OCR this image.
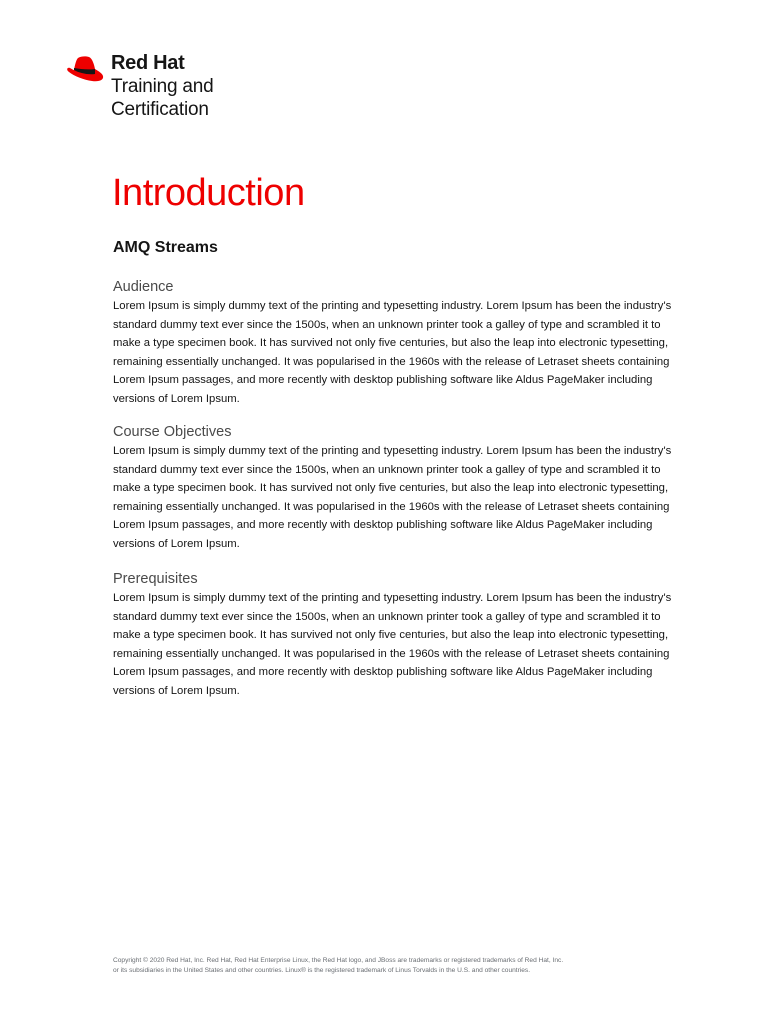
Red Hat
Training and
Certification
Introduction
AMQ Streams
Audience

Lorem Ipsum is simply dummy text of the printing and typesetting industry. Lorem Ipsum has been the industry's standard dummy text ever since the 1500s, when an unknown printer took a galley of type and scrambled it to make a type specimen book. It has survived not only five centuries, but also the leap into electronic typesetting, remaining essentially unchanged. It was popularised in the 1960s with the release of Letraset sheets containing Lorem Ipsum passages, and more recently with desktop publishing software like Aldus PageMaker including versions of Lorem Ipsum.

Course Objectives

Lorem Ipsum is simply dummy text of the printing and typesetting industry. Lorem Ipsum has been the industry's standard dummy text ever since the 1500s, when an unknown printer took a galley of type and scrambled it to make a type specimen book. It has survived not only five centuries, but also the leap into electronic typesetting, remaining essentially unchanged. It was popularised in the 1960s with the release of Letraset sheets containing Lorem Ipsum passages, and more recently with desktop publishing software like Aldus PageMaker including versions of Lorem Ipsum.

Prerequisites

Lorem Ipsum is simply dummy text of the printing and typesetting industry. Lorem Ipsum has been the industry's standard dummy text ever since the 1500s, when an unknown printer took a galley of type and scrambled it to make a type specimen book. It has survived not only five centuries, but also the leap into electronic typesetting, remaining essentially unchanged. It was popularised in the 1960s with the release of Letraset sheets containing Lorem Ipsum passages, and more recently with desktop publishing software like Aldus PageMaker including versions of Lorem Ipsum.

Copyright © 2020 Red Hat, Inc. Red Hat, Red Hat Enterprise Linux, the Red Hat logo, and JBoss are trademarks or registered trademarks of Red Hat, Inc.

or its subsidiaries in the United States and other countries. Linux® is the registered trademark of Linus Torvalds in the U.S. and other countries.
